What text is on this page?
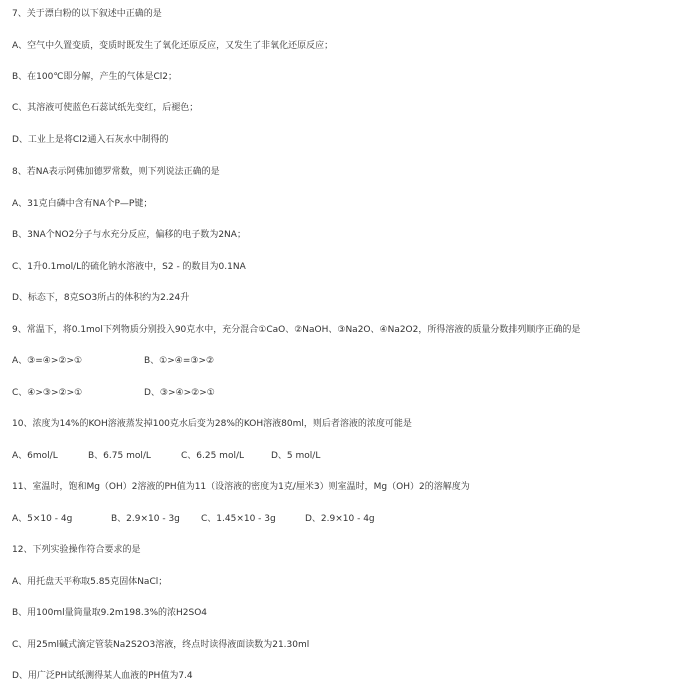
7、关于漂白粉的以下叙述中正确的是
A、空气中久置变质，变质时既发生了氧化还原反应，又发生了非氧化还原反应；
B、在100℃即分解，产生的气体是Cl2；
C、其溶液可使蓝色石蕊试纸先变红，后褪色；
D、工业上是将Cl2通入石灰水中制得的
8、若NA表示阿佛加德罗常数，则下列说法正确的是
A、31克白磷中含有NA个P—P键；
B、3NA个NO2分子与水充分反应，偏移的电子数为2NA；
C、1升0.1mol/L的硫化钠水溶液中，S2 - 的数目为0.1NA
D、标态下，8克SO3所占的体积约为2.24升
9、常温下，将0.1mol下列物质分别投入90克水中，充分混合①CaO、②NaOH、③Na2O、④Na2O2，所得溶液的质量分数排列顺序正确的是
A、③=④>②>①	B、①>④=③>②
C、④>③>②>①	D、③>④>②>①
10、浓度为14%的KOH溶液蒸发掉100克水后变为28%的KOH溶液80ml，则后者溶液的浓度可能是
A、6mol/L	B、6.75 mol/L	C、6.25 mol/L	D、5 mol/L
11、室温时，饱和Mg（OH）2溶液的PH值为11（设溶液的密度为1克/厘米3）则室温时，Mg（OH）2的溶解度为
A、5×10 - 4g	B、2.9×10 - 3g C、1.45×10 - 3g	D、2.9×10 - 4g
12、下列实验操作符合要求的是
A、用托盘天平称取5.85克固体NaCl；
B、用100ml量筒量取9.2m198.3%的浓H2SO4
C、用25ml碱式滴定管装Na2S2O3溶液，终点时读得液面读数为21.30ml
D、用广泛PH试纸测得某人血液的PH值为7.4
